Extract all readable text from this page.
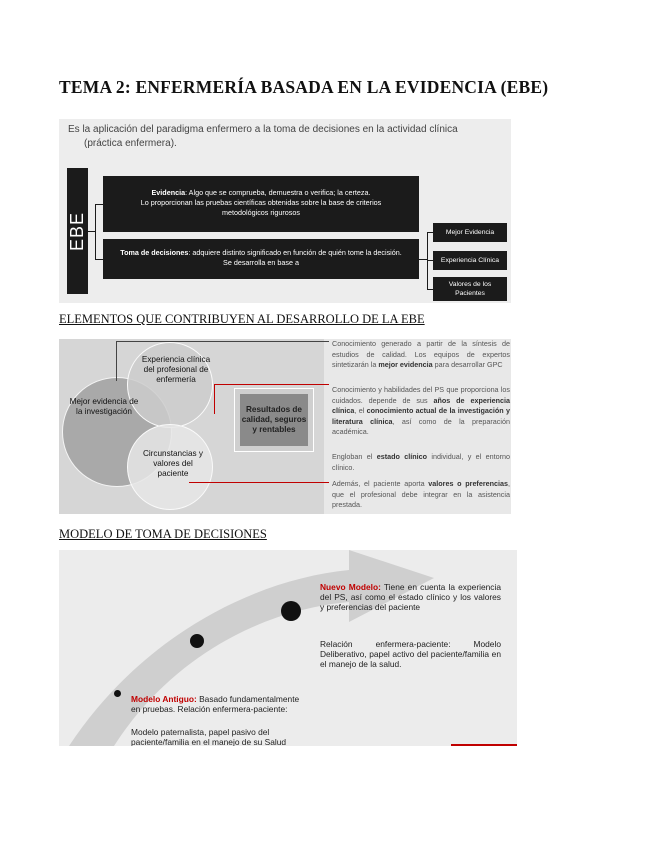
TEMA 2: ENFERMERÍA BASADA EN LA EVIDENCIA (EBE)
Es la aplicación del paradigma enfermero a la toma de decisiones en la actividad clínica
(práctica enfermera).
EBE
Evidencia: Algo que se comprueba, demuestra o verifica; la certeza.
Lo proporcionan las pruebas científicas obtenidas sobre la base de criterios metodológicos rigurosos
Toma de decisiones: adquiere distinto significado en función de quién tome la decisión.
Se desarrolla en base a
Mejor Evidencia
Experiencia Clínica
Valores de los Pacientes
ELEMENTOS QUE CONTRIBUYEN AL DESARROLLO DE LA EBE
Mejor evidencia de la investigación
Experiencia clínica del profesional de enfermería
Circunstancias y valores del paciente
Resultados de calidad, seguros y rentables
Conocimiento generado a partir de la síntesis de estudios de calidad. Los equipos de expertos sintetizarán la mejor evidencia para desarrollar GPC
Conocimiento y habilidades del PS que proporciona los cuidados. depende de sus años de experiencia clínica, el conocimiento actual de la investigación y literatura clínica, así como de la preparación académica.
Engloban el estado clínico individual, y el entorno clínico.
Además, el paciente aporta valores o preferencias, que el profesional debe integrar en la asistencia prestada.
MODELO DE TOMA DE DECISIONES
Nuevo Modelo: Tiene en cuenta la experiencia del PS, así como el estado clínico y los valores y preferencias del paciente
Relación enfermera-paciente: Modelo Deliberativo, papel activo del paciente/familia en el manejo de la salud.
Modelo Antiguo: Basado fundamentalmente en pruebas. Relación enfermera-paciente:
Modelo paternalista, papel pasivo del paciente/familia en el manejo de su Salud
